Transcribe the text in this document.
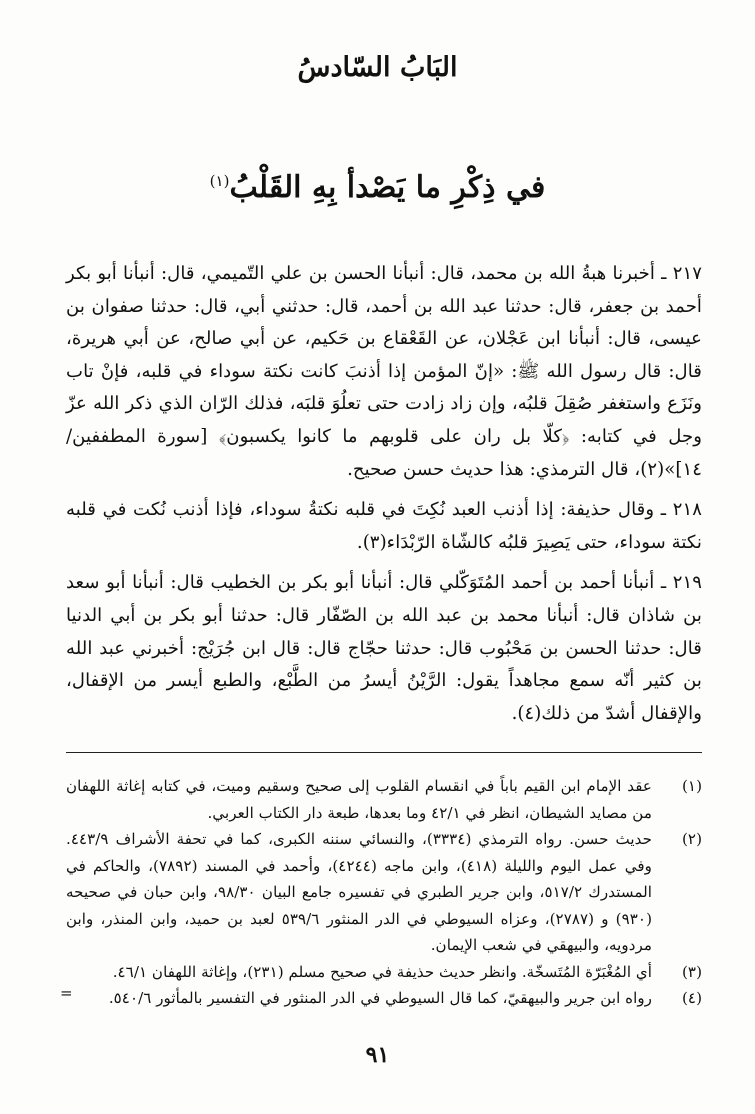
البَابُ السّادسُ
في ذِكْرِ ما يَصْدأ بِهِ القَلْبُ$^{(١)}$

٢١٧ ـ أخبرنا هبةُ الله بن محمد، قال: أنبأنا الحسن بن علي التّميمي، قال: أنبأنا أبو بكر أحمد بن جعفر، قال: حدثنا عبد الله بن أحمد، قال: حدثني أبي، قال: حدثنا صفوان بن عيسى، قال: أنبأنا ابن عَجْلان، عن القَعْقاع بن حَكيم، عن أبي صالح، عن أبي هريرة، قال: قال رسول الله ﷺ: «إنّ المؤمن إذا أذنبَ كانت نكتة سوداء في قلبه، فإنْ تاب ونَزَع واستغفر صُقِلَ قلبُه، وإن زاد زادت حتى تعلُوَ قلبَه، فذلك الرّان الذي ذكر الله عزّ وجل في كتابه: ﴿كلّا بل ران على قلوبهم ما كانوا يكسبون﴾ [سورة المطففين/ ١٤]»(٢)، قال الترمذي: هذا حديث حسن صحيح.

٢١٨ ـ وقال حذيفة: إذا أذنب العبد نُكِتَ في قلبه نكتةُ سوداء، فإذا أذنب نُكت في قلبه نكتة سوداء، حتى يَصِيرَ قلبُه كالشّاة الرّبْدَاء(٣).

٢١٩ ـ أنبأنا أحمد بن أحمد المُتَوَكّلي قال: أنبأنا أبو بكر بن الخطيب قال: أنبأنا أبو سعد بن شاذان قال: أنبأنا محمد بن عبد الله بن الصّفّار قال: حدثنا أبو بكر بن أبي الدنيا قال: حدثنا الحسن بن مَحْبُوب قال: حدثنا حجّاج قال: قال ابن جُرَيْج: أخبرني عبد الله بن كثير أنّه سمع مجاهداً يقول: الرَّيْنُ أيسرُ من الطَّبْع، والطبع أيسر من الإقفال، والإقفال أشدّ من ذلك(٤).

(١)
عقد الإمام ابن القيم باباً في انقسام القلوب إلى صحيح وسقيم وميت، في كتابه إغاثة اللهفان من مصايد الشيطان، انظر في ٤٢/١ وما بعدها، طبعة دار الكتاب العربي.
(٢)
حديث حسن. رواه الترمذي (٣٣٣٤)، والنسائي سننه الكبرى، كما في تحفة الأشراف ٤٤٣/٩. وفي عمل اليوم والليلة (٤١٨)، وابن ماجه (٤٢٤٤)، وأحمد في المسند (٧٨٩٢)، والحاكم في المستدرك ٥١٧/٢، وابن جرير الطبري في تفسيره جامع البيان ٩٨/٣٠، وابن حبان في صحيحه (٩٣٠) و (٢٧٨٧)، وعزاه السيوطي في الدر المنثور ٥٣٩/٦ لعبد بن حميد، وابن المنذر، وابن مردويه، والبيهقي في شعب الإيمان.
(٣)
أي المُغْبَرّة المُتَسخّة. وانظر حديث حذيفة في صحيح مسلم (٢٣١)، وإغاثة اللهفان ٤٦/١.
(٤)
رواه ابن جرير والبيهقيّ، كما قال السيوطي في الدر المنثور في التفسير بالمأثور ٥٤٠/٦.
=
٩١
